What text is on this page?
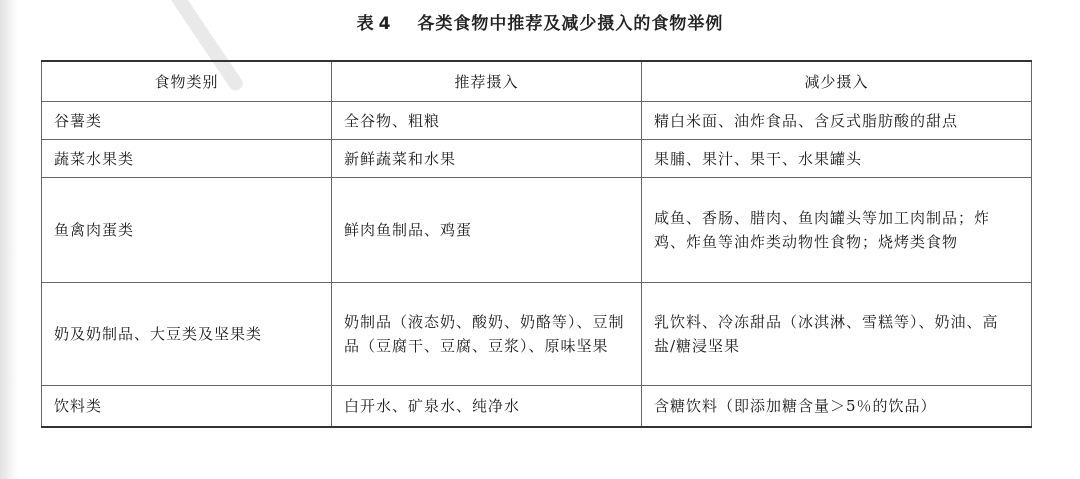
表 4 各类食物中推荐及减少摄入的食物举例
食物类别	推荐摄入	减少摄入
谷薯类	全谷物、粗粮	精白米面、油炸食品、含反式脂肪酸的甜点
蔬菜水果类	新鲜蔬菜和水果	果脯、果汁、果干、水果罐头
鱼禽肉蛋类	鲜肉鱼制品、鸡蛋	咸鱼、香肠、腊肉、鱼肉罐头等加工肉制品；炸鸡、炸鱼等油炸类动物性食物；烧烤类食物
奶及奶制品、大豆类及坚果类	奶制品（液态奶、酸奶、奶酪等）、豆制品（豆腐干、豆腐、豆浆）、原味坚果	乳饮料、冷冻甜品（冰淇淋、雪糕等）、奶油、高盐/糖浸坚果
饮料类	白开水、矿泉水、纯净水	含糖饮料（即添加糖含量＞5％的饮品）
